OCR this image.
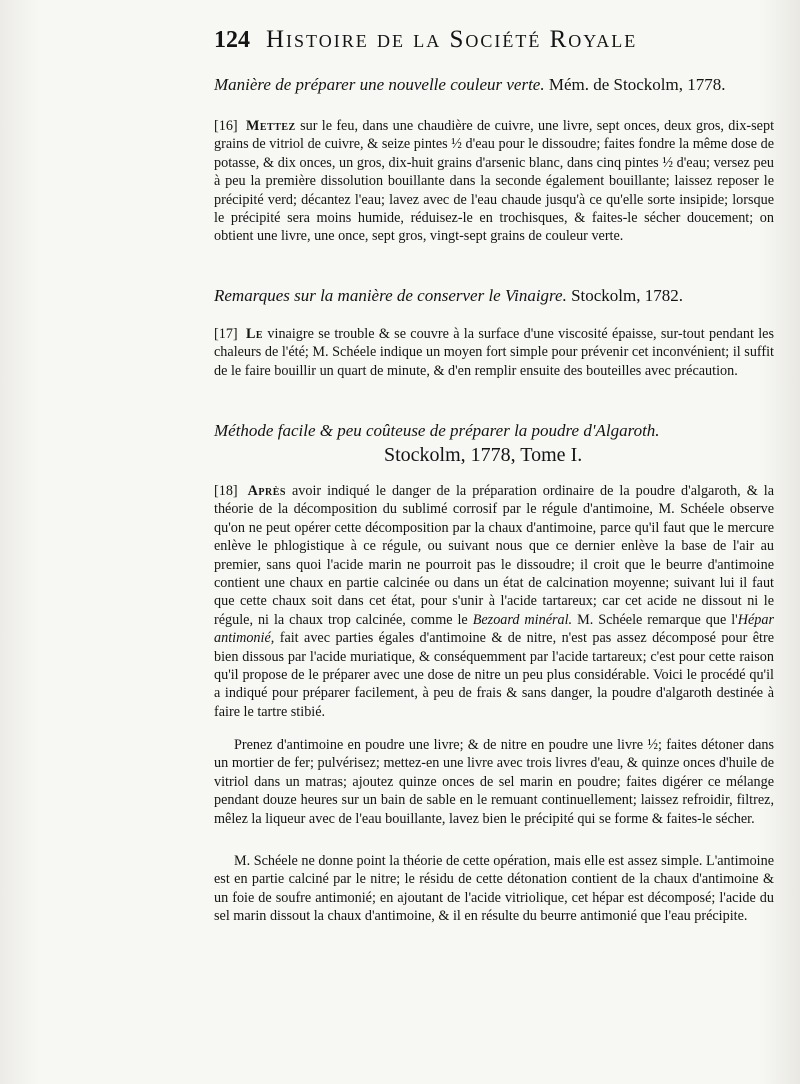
124 Histoire de la Société Royale
Manière de préparer une nouvelle couleur verte. Mém. de Stockolm, 1778.

[16] Mettez sur le feu, dans une chaudière de cuivre, une livre, sept onces, deux gros, dix-sept grains de vitriol de cuivre, & seize pintes ½ d'eau pour le dissoudre; faites fondre la même dose de potasse, & dix onces, un gros, dix-huit grains d'arsenic blanc, dans cinq pintes ½ d'eau; versez peu à peu la première dissolution bouillante dans la seconde également bouillante; laissez reposer le précipité verd; décantez l'eau; lavez avec de l'eau chaude jusqu'à ce qu'elle sorte insipide; lorsque le précipité sera moins humide, réduisez-le en trochisques, & faites-le sécher doucement; on obtient une livre, une once, sept gros, vingt-sept grains de couleur verte.

Remarques sur la manière de conserver le Vinaigre. Stockolm, 1782.

[17] Le vinaigre se trouble & se couvre à la surface d'une viscosité épaisse, sur-tout pendant les chaleurs de l'été; M. Schéele indique un moyen fort simple pour prévenir cet inconvénient; il suffit de le faire bouillir un quart de minute, & d'en remplir ensuite des bouteilles avec précaution.

Méthode facile & peu coûteuse de préparer la poudre d'Algaroth.
Stockolm, 1778, Tome I.

[18] Après avoir indiqué le danger de la préparation ordinaire de la poudre d'algaroth, & la théorie de la décomposition du sublimé corrosif par le régule d'antimoine, M. Schéele observe qu'on ne peut opérer cette décomposition par la chaux d'antimoine, parce qu'il faut que le mercure enlève le phlogistique à ce régule, ou suivant nous que ce dernier enlève la base de l'air au premier, sans quoi l'acide marin ne pourroit pas le dissoudre; il croit que le beurre d'antimoine contient une chaux en partie calcinée ou dans un état de calcination moyenne; suivant lui il faut que cette chaux soit dans cet état, pour s'unir à l'acide tartareux; car cet acide ne dissout ni le régule, ni la chaux trop calcinée, comme le Bezoard minéral. M. Schéele remarque que l'Hépar antimonié, fait avec parties égales d'antimoine & de nitre, n'est pas assez décomposé pour être bien dissous par l'acide muriatique, & conséquemment par l'acide tartareux; c'est pour cette raison qu'il propose de le préparer avec une dose de nitre un peu plus considérable. Voici le procédé qu'il a indiqué pour préparer facilement, à peu de frais & sans danger, la poudre d'algaroth destinée à faire le tartre stibié.

Prenez d'antimoine en poudre une livre; & de nitre en poudre une livre ½; faites détoner dans un mortier de fer; pulvérisez; mettez-en une livre avec trois livres d'eau, & quinze onces d'huile de vitriol dans un matras; ajoutez quinze onces de sel marin en poudre; faites digérer ce mélange pendant douze heures sur un bain de sable en le remuant continuellement; laissez refroidir, filtrez, mêlez la liqueur avec de l'eau bouillante, lavez bien le précipité qui se forme & faites-le sécher.

M. Schéele ne donne point la théorie de cette opération, mais elle est assez simple. L'antimoine est en partie calciné par le nitre; le résidu de cette détonation contient de la chaux d'antimoine & un foie de soufre antimonié; en ajoutant de l'acide vitriolique, cet hépar est décomposé; l'acide du sel marin dissout la chaux d'antimoine, & il en résulte du beurre antimonié que l'eau précipite.
